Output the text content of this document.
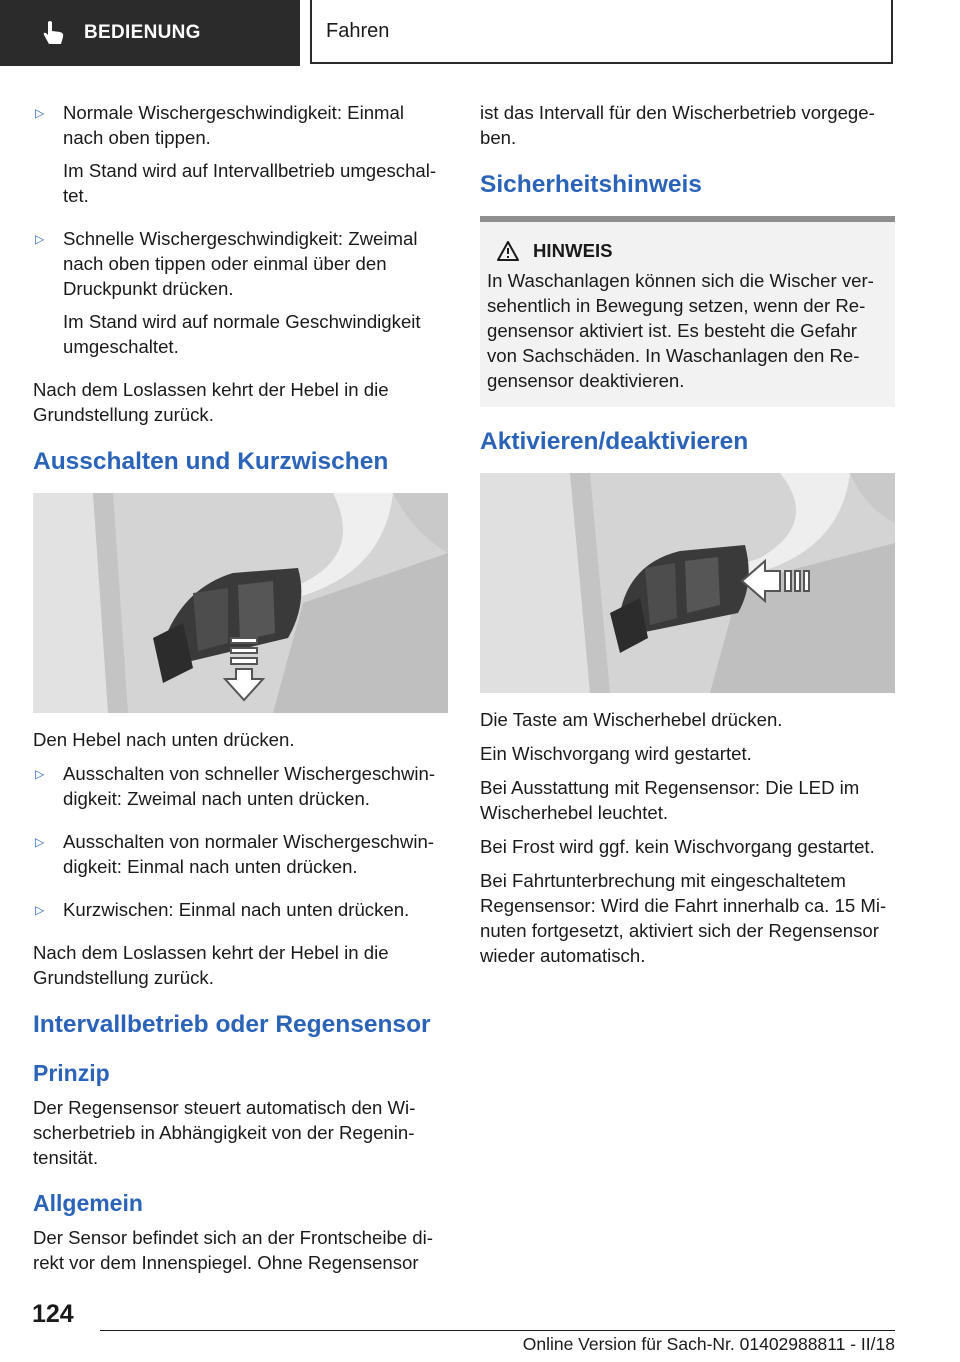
BEDIENUNG	Fahren
▷	Normale Wischergeschwindigkeit: Einmal nach oben tippen.

Im Stand wird auf Intervallbetrieb umgeschal-tet.

▷	Schnelle Wischergeschwindigkeit: Zweimal nach oben tippen oder einmal über den Druckpunkt drücken.

Im Stand wird auf normale Geschwindigkeit umgeschaltet.

Nach dem Loslassen kehrt der Hebel in die Grundstellung zurück.

Ausschalten und Kurzwischen

Den Hebel nach unten drücken.

▷	Ausschalten von schneller Wischergeschwin-digkeit: Zweimal nach unten drücken.

▷	Ausschalten von normaler Wischergeschwin-digkeit: Einmal nach unten drücken.

▷	Kurzwischen: Einmal nach unten drücken.

Nach dem Loslassen kehrt der Hebel in die Grundstellung zurück.

Intervallbetrieb oder Regensensor
Prinzip

Der Regensensor steuert automatisch den Wi-scherbetrieb in Abhängigkeit von der Regenin-tensität.

Allgemein

Der Sensor befindet sich an der Frontscheibe di-rekt vor dem Innenspiegel. Ohne Regensensor

ist das Intervall für den Wischerbetrieb vorgege-ben.

Sicherheitshinweis
HINWEIS

In Waschanlagen können sich die Wischer ver-sehentlich in Bewegung setzen, wenn der Re-gensensor aktiviert ist. Es besteht die Gefahr von Sachschäden. In Waschanlagen den Re-gensensor deaktivieren.

Aktivieren/deaktivieren

Die Taste am Wischerhebel drücken.

Ein Wischvorgang wird gestartet.

Bei Ausstattung mit Regensensor: Die LED im Wischerhebel leuchtet.

Bei Frost wird ggf. kein Wischvorgang gestartet.

Bei Fahrtunterbrechung mit eingeschaltetem Regensensor: Wird die Fahrt innerhalb ca. 15 Mi-nuten fortgesetzt, aktiviert sich der Regensensor wieder automatisch.

124
Online Version für Sach-Nr. 01402988811 - II/18
